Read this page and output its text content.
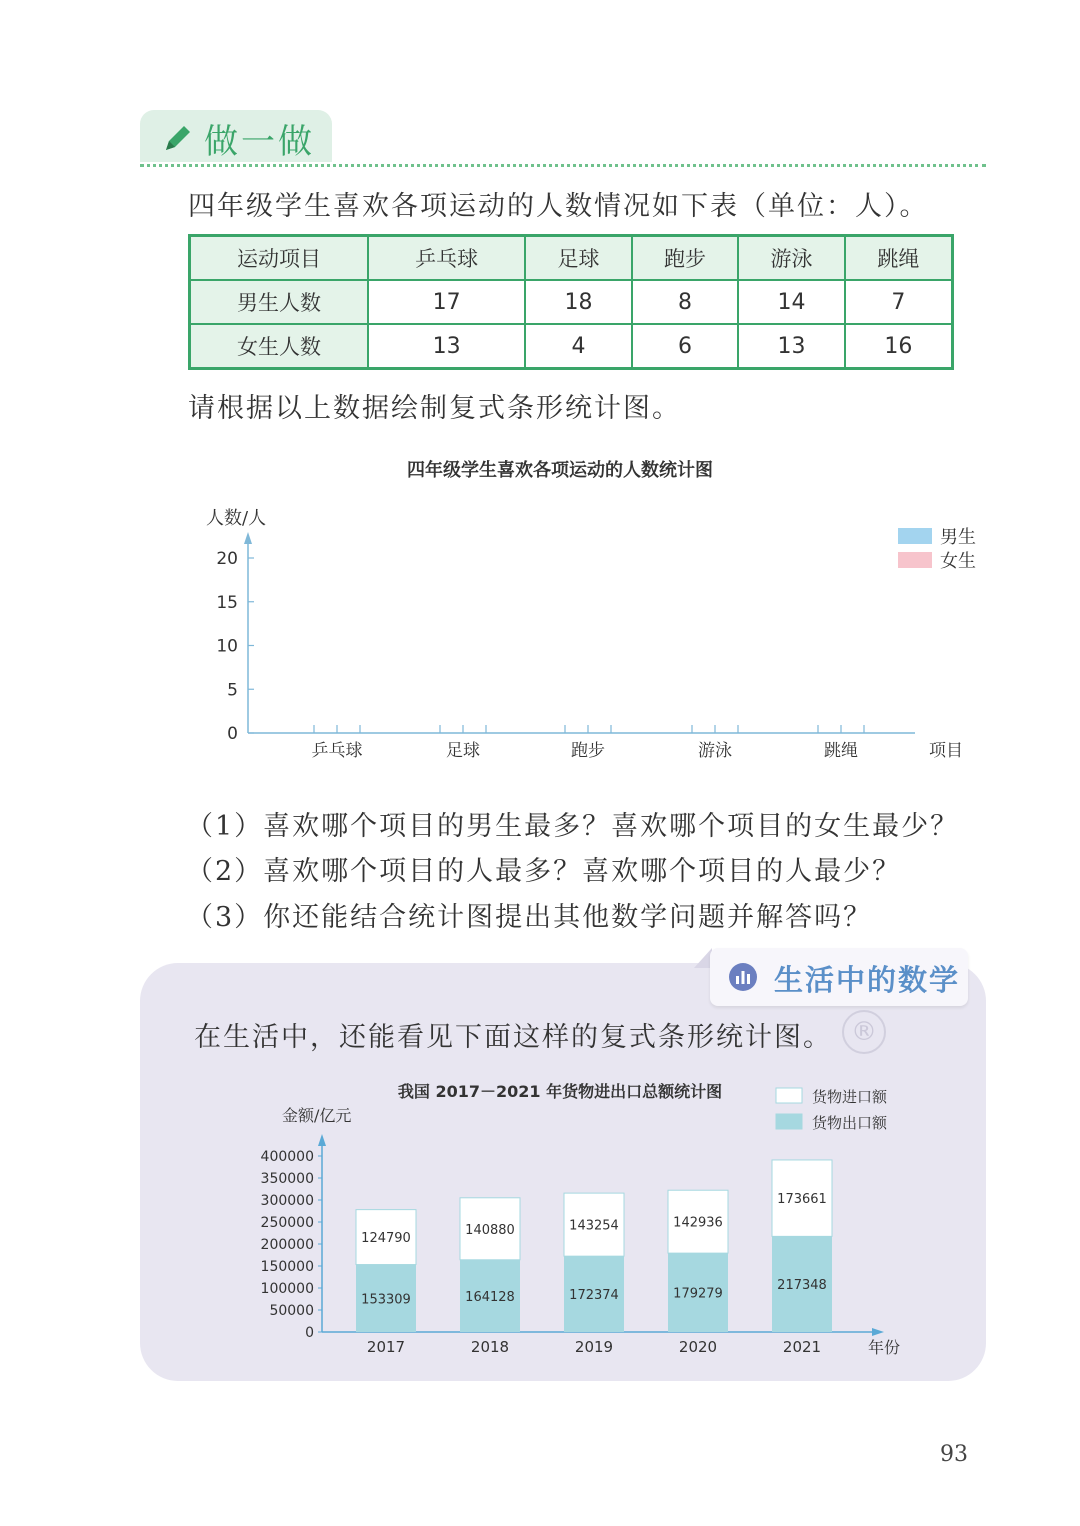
做一做
四年级学生喜欢各项运动的人数情况如下表（单位：人）。
运动项目	乒乓球	足球	跑步	游泳	跳绳
男生人数	17	18	8	14	7
女生人数	13	4	6	13	16
请根据以上数据绘制复式条形统计图。
四年级学生喜欢各项运动的人数统计图
人数/人
0
5
10
15
20
乒乓球	足球	跑步	游泳	跳绳	项目
男生
女生
（1）喜欢哪个项目的男生最多？喜欢哪个项目的女生最少？
（2）喜欢哪个项目的人最多？喜欢哪个项目的人最少？
（3）你还能结合统计图提出其他数学问题并解答吗？
生活中的数学
®
在生活中，还能看见下面这样的复式条形统计图。
我国 2017－2021 年货物进出口总额统计图
金额/亿元
0
50000
100000
150000
200000
250000
300000
350000
400000
153309
124790
2017
164128
140880
2018
172374
143254
2019
179279
142936
2020
217348
173661
2021	年份
货物进口额
货物出口额
93
